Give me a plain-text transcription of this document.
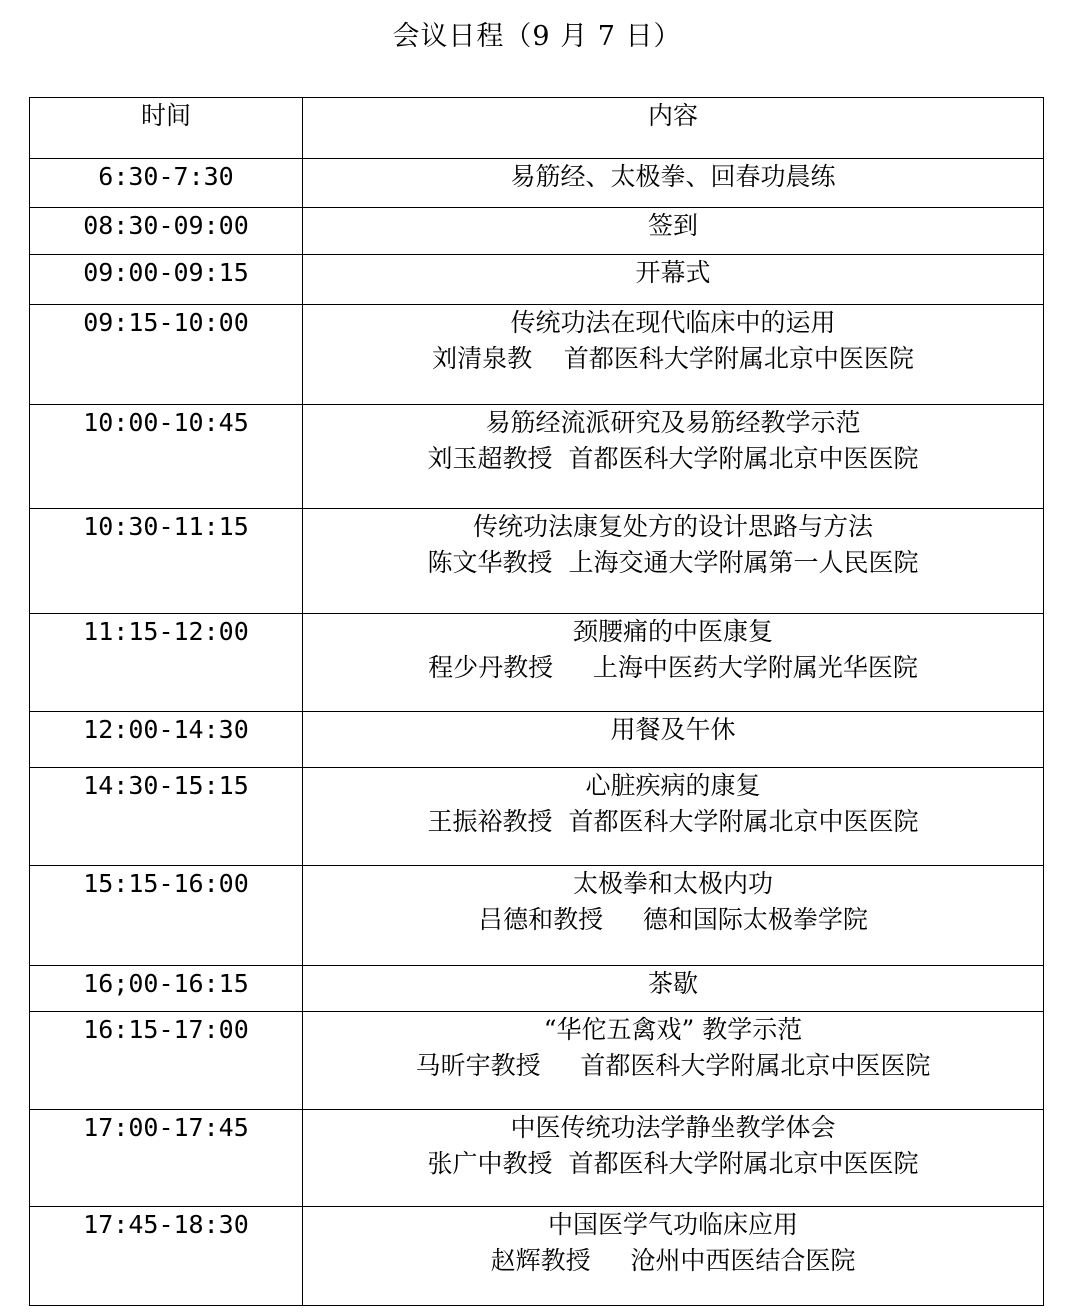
会议日程（9 月 7 日）
时间	内容
6:30-7:30	易筋经、太极拳、回春功晨练

08:30-09:00	签到

09:00-09:15	开幕式

09:15-10:00	传统功法在现代临床中的运用
刘清泉教    首都医科大学附属北京中医医院

10:00-10:45	易筋经流派研究及易筋经教学示范
刘玉超教授  首都医科大学附属北京中医医院

10:30-11:15	传统功法康复处方的设计思路与方法
陈文华教授  上海交通大学附属第一人民医院

11:15-12:00	颈腰痛的中医康复
程少丹教授     上海中医药大学附属光华医院

12:00-14:30	用餐及午休

14:30-15:15	心脏疾病的康复
王振裕教授  首都医科大学附属北京中医医院

15:15-16:00	太极拳和太极内功
吕德和教授     德和国际太极拳学院

16;00-16:15	茶歇

16:15-17:00	“华佗五禽戏” 教学示范
马昕宇教授     首都医科大学附属北京中医医院

17:00-17:45	中医传统功法学静坐教学体会
张广中教授  首都医科大学附属北京中医医院

17:45-18:30	中国医学气功临床应用
赵辉教授     沧州中西医结合医院
